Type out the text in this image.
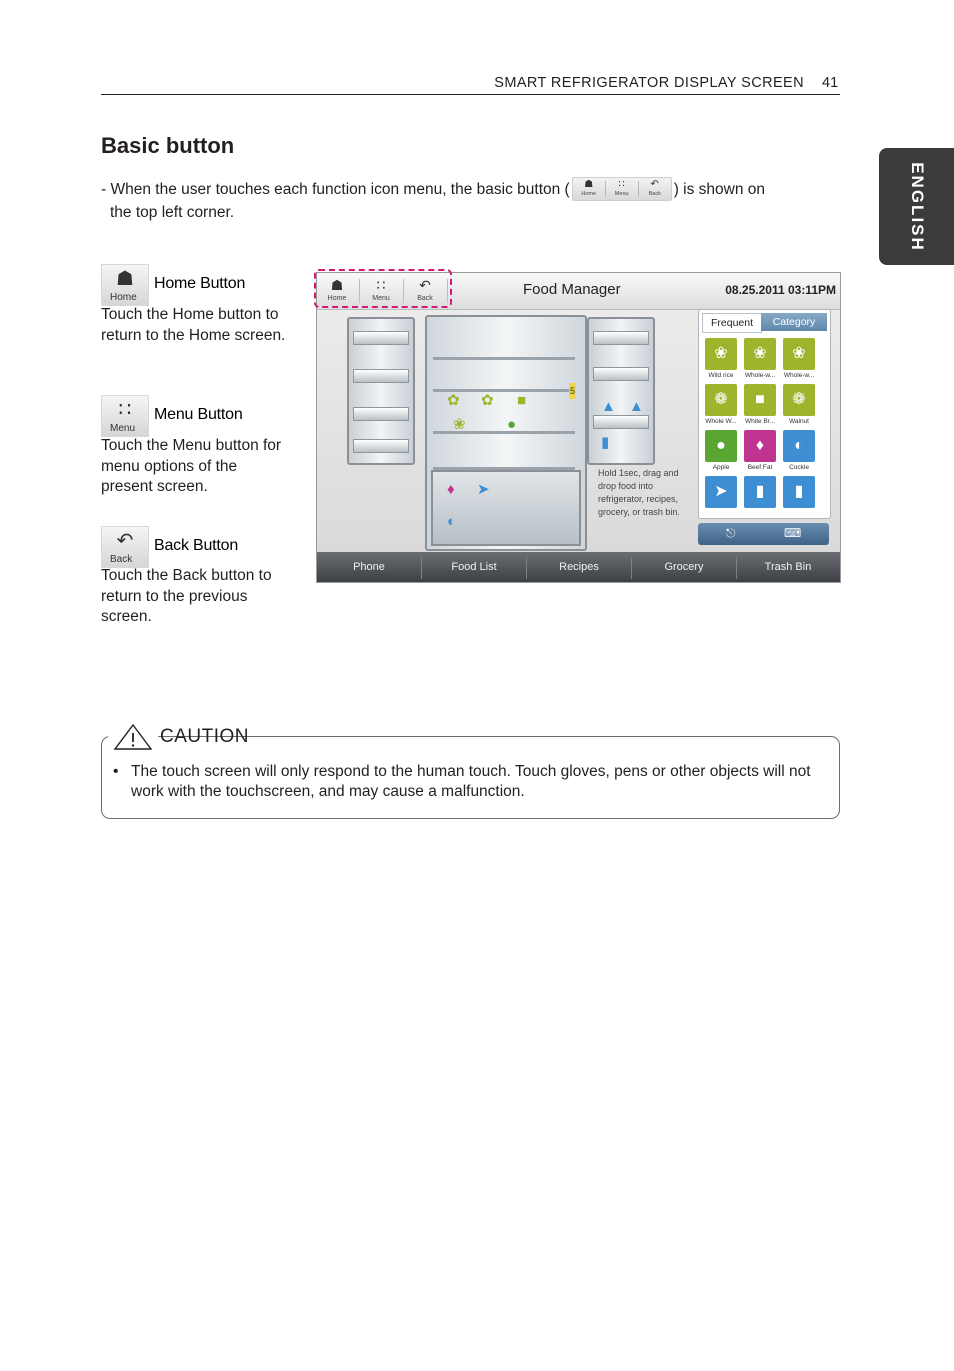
SMART REFRIGERATOR DISPLAY SCREEN 41
ENGLISH
Basic button
- When the user touches each function icon menu, the basic button (	☗
Home
∷
Menu
↶
Back ) is shown on
the top left corner.
☗
Home
Home Button
Touch the Home button to return to the Home screen.
∷
Menu
Menu Button
Touch the Menu button for menu options of the present screen.
↶
Back
Back Button
Touch the Back button to return to the previous screen.
☗
Home
∷
Menu
↶
Back
Food Manager	08.25.2011 03:11PM
✿ ✿ ■
❀	●
5
♦ ➤
◐
▲ ▲
▮
Hold 1sec, drag and drop food into refrigerator, recipes, grocery, or trash bin.
Frequent	Category
❀
Wild rice
❀
Whole-w...
❀
Whole-w...
❁
Whole W...
■
White Br...
❁
Walnut
●
Apple
♦
Beef Fat
◐
Cockle
➤	▮	▮
⎋	⌨
Phone	Food List	Recipes	Grocery	Trash Bin
CAUTION
• The touch screen will only respond to the human touch. Touch gloves, pens or other objects will not work with the touchscreen, and may cause a malfunction.
